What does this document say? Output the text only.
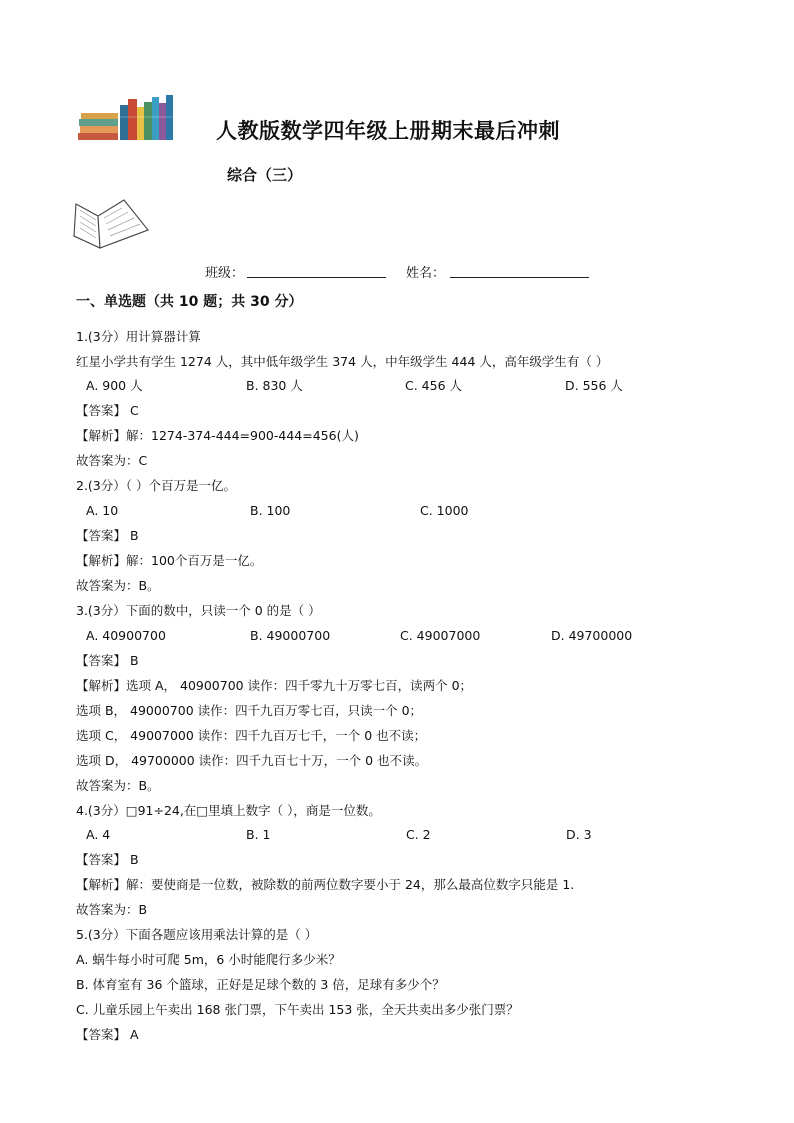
人教版数学四年级上册期末最后冲刺
综合（三）
班级：	姓名：
一、单选题（共 10 题；共 30 分）
1.(3分）用计算器计算
红星小学共有学生 1274 人，其中低年级学生 374 人，中年级学生 444 人，高年级学生有（ ）
A. 900 人	B. 830 人	C. 456 人	D. 556 人
【答案】 C
【解析】解：1274-374-444=900-444=456(人)
故答案为：C
2.(3分）（ ）个百万是一亿。
A. 10	B. 100	C. 1000
【答案】 B
【解析】解：100个百万是一亿。
故答案为：B。
3.(3分）下面的数中，只读一个 0 的是（ ）
A. 40900700	B. 49000700	C. 49007000	D. 49700000
【答案】 B
【解析】选项 A， 40900700 读作：四千零九十万零七百，读两个 0；
选项 B， 49000700 读作：四千九百万零七百，只读一个 0；
选项 C， 49007000 读作：四千九百万七千，一个 0 也不读；
选项 D， 49700000 读作：四千九百七十万，一个 0 也不读。
故答案为：B。
4.(3分）□91÷24,在□里填上数字（ ），商是一位数。
A. 4	B. 1	C. 2	D. 3
【答案】 B
【解析】解：要使商是一位数，被除数的前两位数字要小于 24，那么最高位数字只能是 1.
故答案为：B
5.(3分）下面各题应该用乘法计算的是（ ）
A. 蜗牛每小时可爬 5m，6 小时能爬行多少米？
B. 体育室有 36 个篮球，正好是足球个数的 3 倍，足球有多少个？
C. 儿童乐园上午卖出 168 张门票，下午卖出 153 张，全天共卖出多少张门票？
【答案】 A
